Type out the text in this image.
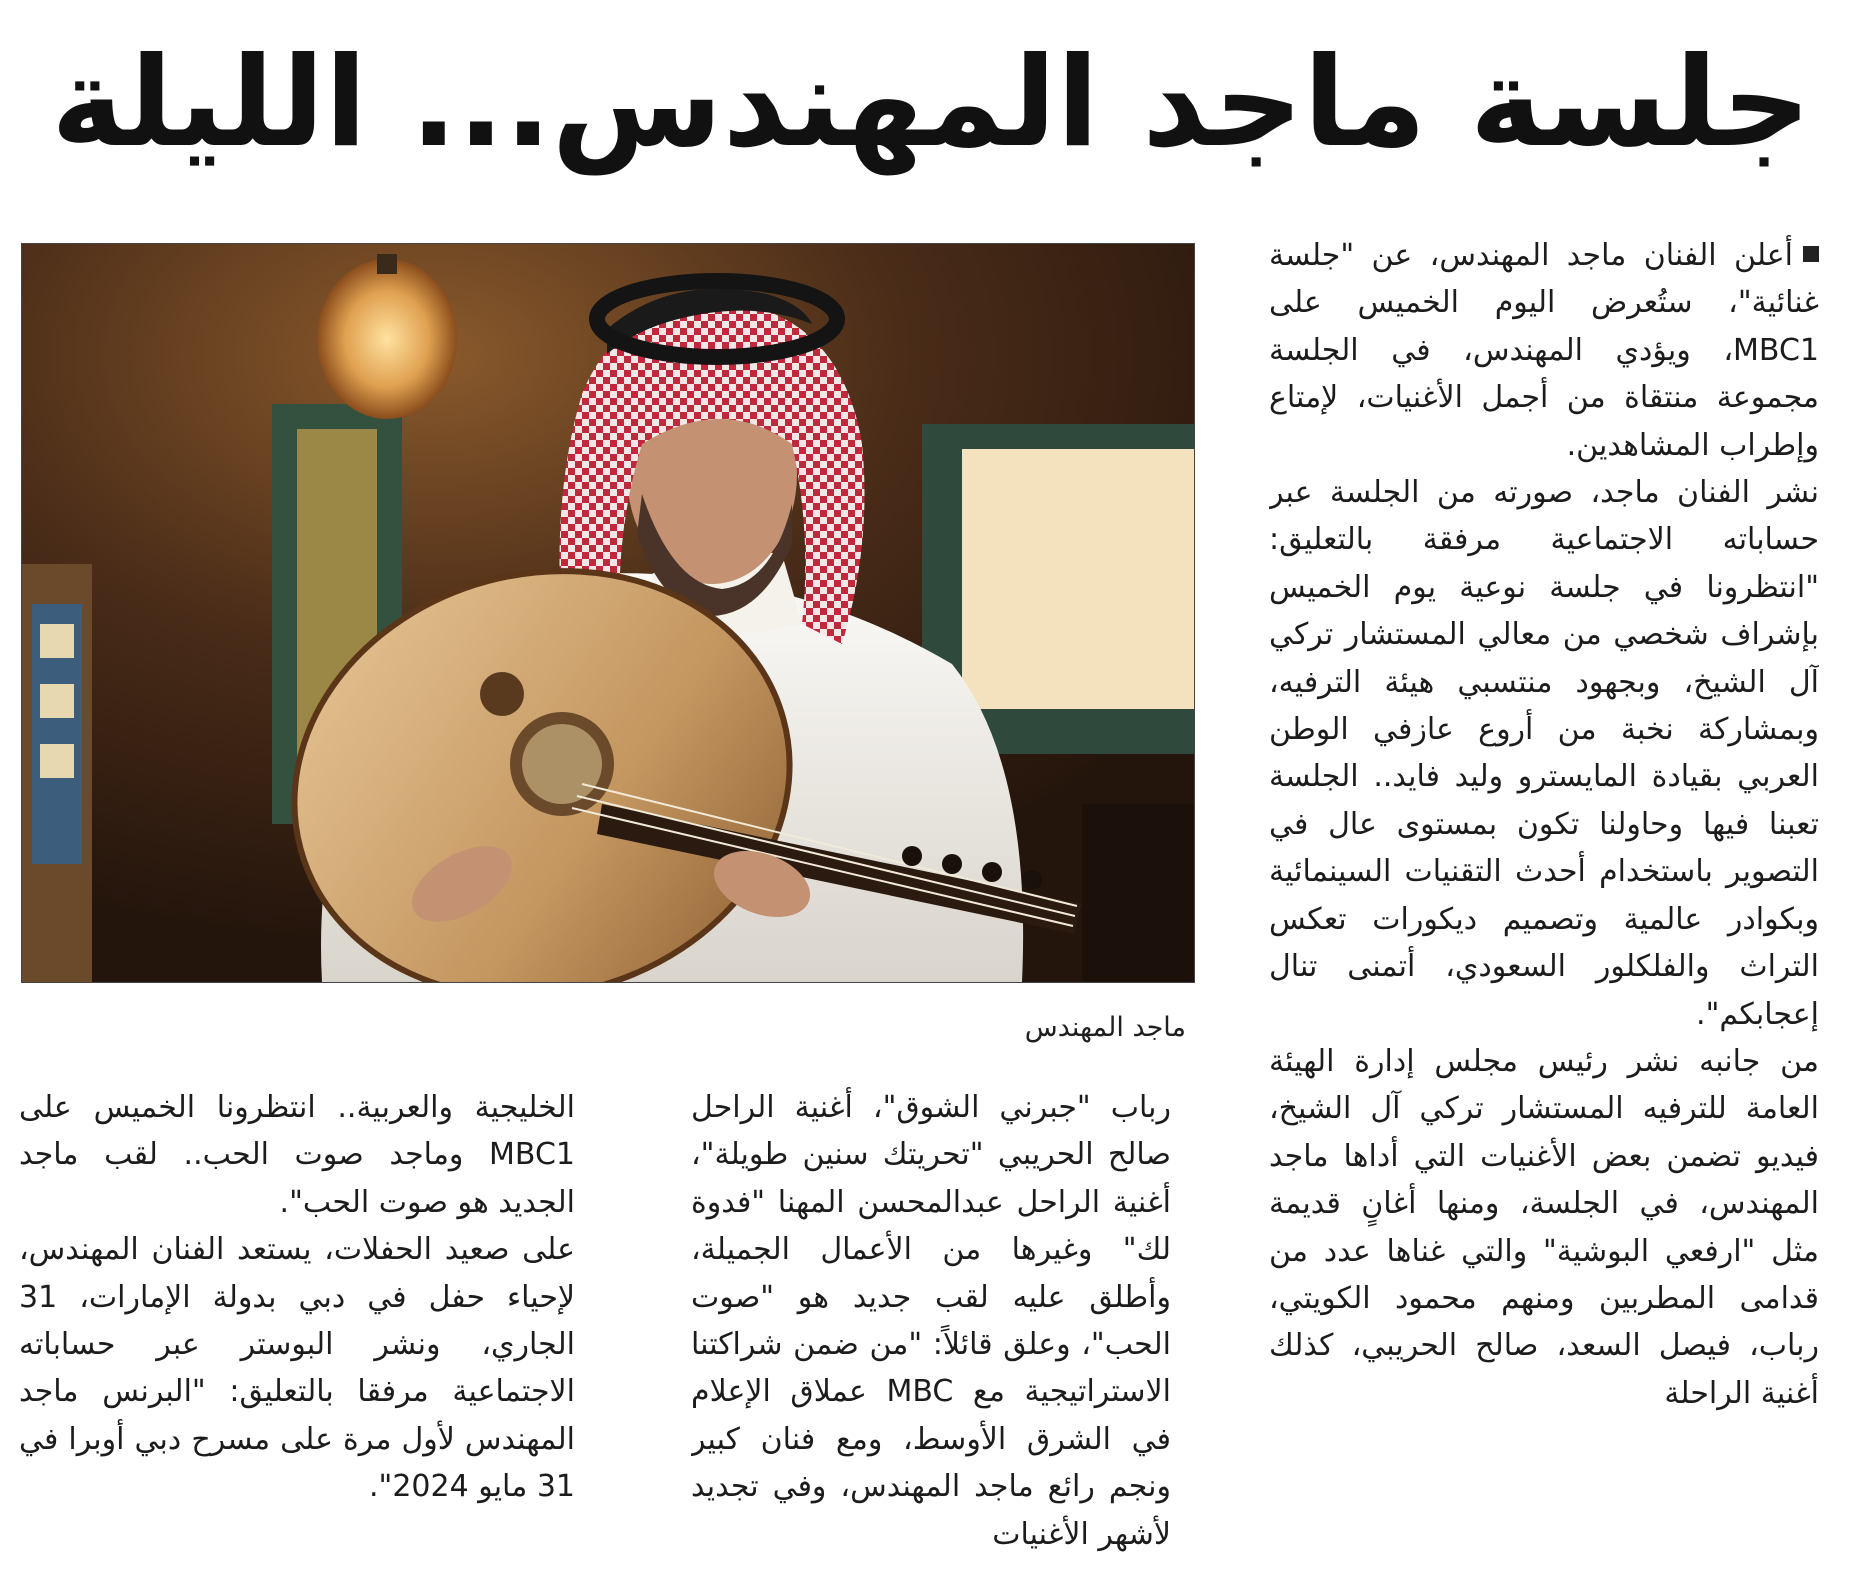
جلسة ماجد المهندس... الليلة

أعلن الفنان ماجد المهندس، عن "جلسة غنائية"، ستُعرض اليوم الخميس على MBC1، ويؤدي المهندس، في الجلسة مجموعة منتقاة من أجمل الأغنيات، لإمتاع وإطراب المشاهدين.

نشر الفنان ماجد، صورته من الجلسة عبر حساباته الاجتماعية مرفقة بالتعليق: "انتظرونا في جلسة نوعية يوم الخميس بإشراف شخصي من معالي المستشار تركي آل الشيخ، وبجهود منتسبي هيئة الترفيه، وبمشاركة نخبة من أروع عازفي الوطن العربي بقيادة المايسترو وليد فايد.. الجلسة تعبنا فيها وحاولنا تكون بمستوى عال في التصوير باستخدام أحدث التقنيات السينمائية وبكوادر عالمية وتصميم ديكورات تعكس التراث والفلكلور السعودي، أتمنى تنال إعجابكم".

من جانبه نشر رئيس مجلس إدارة الهيئة العامة للترفيه المستشار تركي آل الشيخ، فيديو تضمن بعض الأغنيات التي أداها ماجد المهندس، في الجلسة، ومنها أغانٍ قديمة مثل "ارفعي البوشية" والتي غناها عدد من قدامى المطربين ومنهم محمود الكويتي، رباب، فيصل السعد، صالح الحريبي، كذلك أغنية الراحلة

ماجد المهندس

رباب "جبرني الشوق"، أغنية الراحل صالح الحريبي "تحريتك سنين طويلة"، أغنية الراحل عبدالمحسن المهنا "فدوة لك" وغيرها من الأعمال الجميلة، وأطلق عليه لقب جديد هو "صوت الحب"، وعلق قائلاً: "من ضمن شراكتنا الاستراتيجية مع MBC عملاق الإعلام في الشرق الأوسط، ومع فنان كبير ونجم رائع ماجد المهندس، وفي تجديد لأشهر الأغنيات

الخليجية والعربية.. انتظرونا الخميس على MBC1 وماجد صوت الحب.. لقب ماجد الجديد هو صوت الحب".

على صعيد الحفلات، يستعد الفنان المهندس، لإحياء حفل في دبي بدولة الإمارات، 31 الجاري، ونشر البوستر عبر حساباته الاجتماعية مرفقا بالتعليق: "البرنس ماجد المهندس لأول مرة على مسرح دبي أوبرا في 31 مايو 2024".
